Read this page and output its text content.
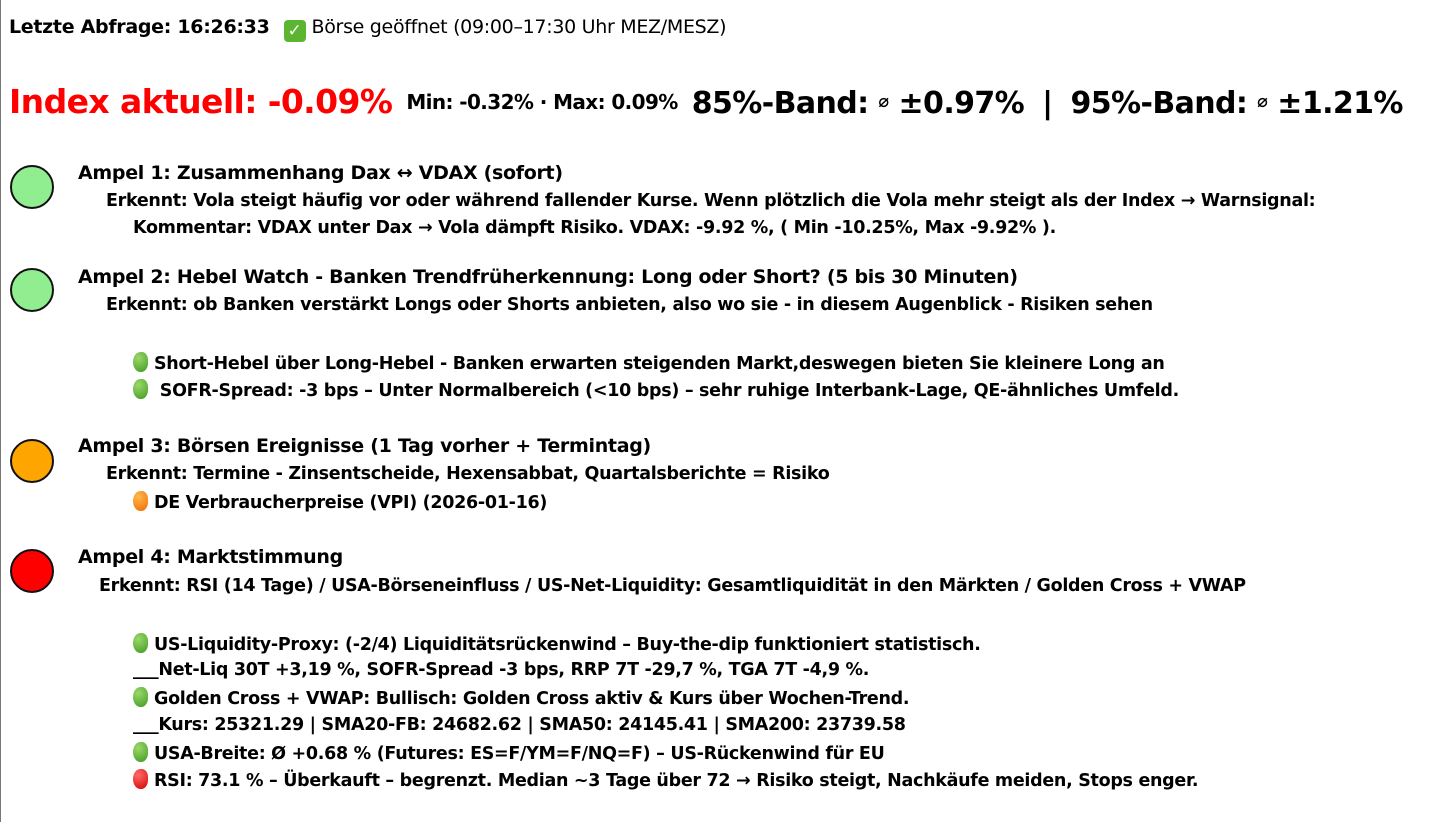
Letzte Abfrage: 16:26:33 ✓ Börse geöffnet (09:00–17:30 Uhr MEZ/MESZ)
Index aktuell: -0.09% Min: -0.32% · Max: 0.09% 85%-Band: ⌀ ±0.97% | 95%-Band: ⌀ ±1.21%
Ampel 1: Zusammenhang Dax ↔ VDAX (sofort)
Erkennt: Vola steigt häufig vor oder während fallender Kurse. Wenn plötzlich die Vola mehr steigt als der Index → Warnsignal:
Kommentar: VDAX unter Dax → Vola dämpft Risiko. VDAX: -9.92 %, ( Min -10.25%, Max -9.92% ).
Ampel 2: Hebel Watch - Banken Trendfrüherkennung: Long oder Short? (5 bis 30 Minuten)
Erkennt: ob Banken verstärkt Longs oder Shorts anbieten, also wo sie - in diesem Augenblick - Risiken sehen
Short-Hebel über Long-Hebel - Banken erwarten steigenden Markt,deswegen bieten Sie kleinere Long an
SOFR-Spread: -3 bps – Unter Normalbereich (<10 bps) – sehr ruhige Interbank-Lage, QE-ähnliches Umfeld.
Ampel 3: Börsen Ereignisse (1 Tag vorher + Termintag)
Erkennt: Termine - Zinsentscheide, Hexensabbat, Quartalsberichte = Risiko
DE Verbraucherpreise (VPI) (2026-01-16)
Ampel 4: Marktstimmung
Erkennt: RSI (14 Tage) / USA-Börseneinfluss / US-Net-Liquidity: Gesamtliquidität in den Märkten / Golden Cross + VWAP
US-Liquidity-Proxy: (-2/4) Liquiditätsrückenwind – Buy-the-dip funktioniert statistisch.
___Net-Liq 30T +3,19 %, SOFR-Spread -3 bps, RRP 7T -29,7 %, TGA 7T -4,9 %.
Golden Cross + VWAP: Bullisch: Golden Cross aktiv & Kurs über Wochen-Trend.
___Kurs: 25321.29 | SMA20-FB: 24682.62 | SMA50: 24145.41 | SMA200: 23739.58
USA-Breite: Ø +0.68 % (Futures: ES=F/YM=F/NQ=F) – US-Rückenwind für EU
RSI: 73.1 % – Überkauft – begrenzt. Median ~3 Tage über 72 → Risiko steigt, Nachkäufe meiden, Stops enger.
